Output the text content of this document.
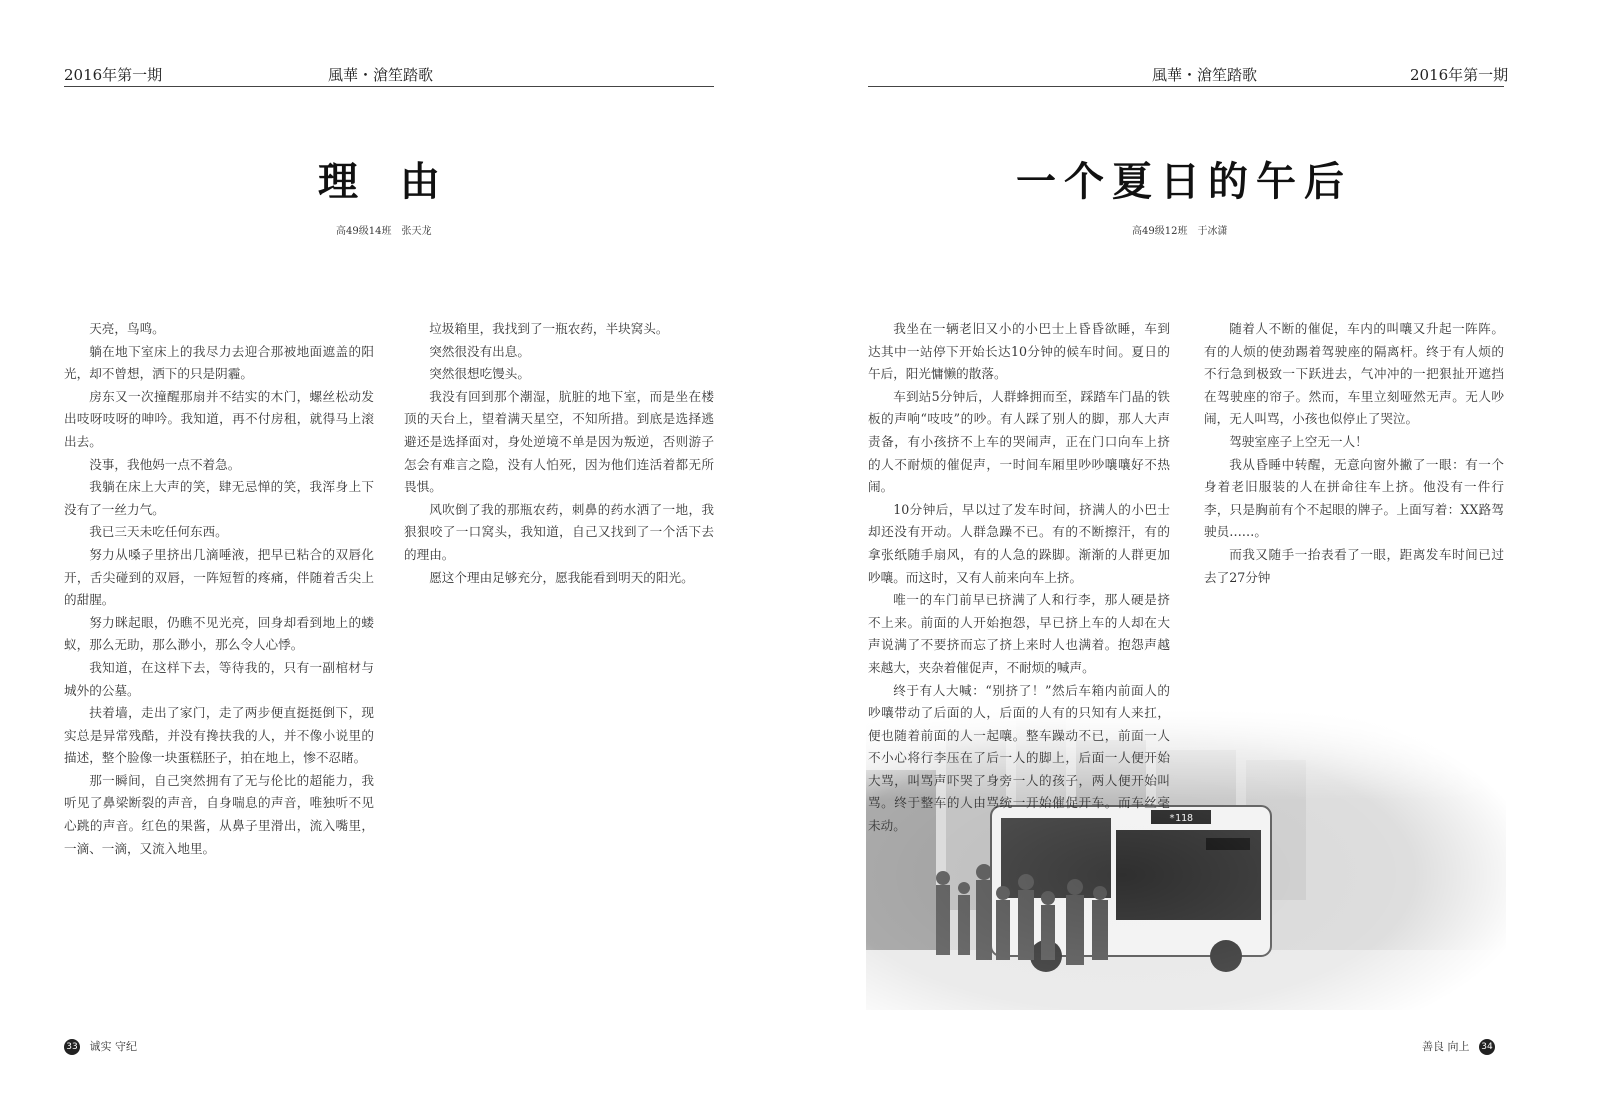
2016年第一期	風華・滄笙踏歌
理 由
高49级14班　张天龙

天亮，鸟鸣。

躺在地下室床上的我尽力去迎合那被地面遮盖的阳光，却不曾想，洒下的只是阴霾。

房东又一次撞醒那扇并不结实的木门，螺丝松动发出吱呀吱呀的呻吟。我知道，再不付房租，就得马上滚出去。

没事，我他妈一点不着急。

我躺在床上大声的笑，肆无忌惮的笑，我浑身上下没有了一丝力气。

我已三天未吃任何东西。

努力从嗓子里挤出几滴唾液，把早已粘合的双唇化开，舌尖碰到的双唇，一阵短暂的疼痛，伴随着舌尖上的甜腥。

努力眯起眼，仍瞧不见光亮，回身却看到地上的蝼蚁，那么无助，那么渺小，那么令人心悸。

我知道，在这样下去，等待我的，只有一副棺材与城外的公墓。

扶着墙，走出了家门，走了两步便直挺挺倒下，现实总是异常残酷，并没有搀扶我的人，并不像小说里的描述，整个脸像一块蛋糕胚子，拍在地上，惨不忍睹。

那一瞬间，自己突然拥有了无与伦比的超能力，我听见了鼻梁断裂的声音，自身喘息的声音，唯独听不见心跳的声音。红色的果酱，从鼻子里滑出，流入嘴里，一滴、一滴，又流入地里。

垃圾箱里，我找到了一瓶农药，半块窝头。

突然很没有出息。

突然很想吃馒头。

我没有回到那个潮湿，肮脏的地下室，而是坐在楼顶的天台上，望着满天星空，不知所措。到底是选择逃避还是选择面对，身处逆境不单是因为叛逆，否则游子怎会有难言之隐，没有人怕死，因为他们连活着都无所畏惧。

风吹倒了我的那瓶农药，刺鼻的药水洒了一地，我狠狠咬了一口窝头，我知道，自己又找到了一个活下去的理由。

愿这个理由足够充分，愿我能看到明天的阳光。

33 诚实 守纪
風華・滄笙踏歌	2016年第一期
一个夏日的午后
高49级12班　于冰潇

我坐在一辆老旧又小的小巴士上昏昏欲睡，车到达其中一站停下开始长达10分钟的候车时间。夏日的午后，阳光慵懒的散落。

车到站5分钟后，人群蜂拥而至，踩踏车门晶的铁板的声响“吱吱”的吵。有人踩了别人的脚，那人大声责备，有小孩挤不上车的哭闹声，正在门口向车上挤的人不耐烦的催促声，一时间车厢里吵吵嚷嚷好不热闹。

10分钟后，早以过了发车时间，挤满人的小巴士却还没有开动。人群急躁不已。有的不断擦汗，有的拿张纸随手扇风，有的人急的跺脚。渐渐的人群更加吵嚷。而这时，又有人前来向车上挤。

唯一的车门前早已挤满了人和行李，那人硬是挤不上来。前面的人开始抱怨，早已挤上车的人却在大声说满了不要挤而忘了挤上来时人也满着。抱怨声越来越大，夹杂着催促声，不耐烦的喊声。

终于有人大喊：“别挤了！”然后车箱内前面人的吵嚷带动了后面的人，后面的人有的只知有人来扛，便也随着前面的人一起嚷。整车躁动不已，前面一人不小心将行李压在了后一人的脚上，后面一人便开始大骂，叫骂声吓哭了身旁一人的孩子，两人便开始叫骂。终于整车的人由骂统一开始催促开车。而车丝毫未动。

随着人不断的催促，车内的叫嚷又升起一阵阵。有的人烦的使劲踢着驾驶座的隔离杆。终于有人烦的不行急到极致一下跃进去，气冲冲的一把狠扯开遮挡在驾驶座的帘子。然而，车里立刻哑然无声。无人吵闹，无人叫骂，小孩也似停止了哭泣。

驾驶室座子上空无一人！

我从昏睡中转醒，无意向窗外撇了一眼：有一个身着老旧服装的人在拼命往车上挤。他没有一件行李，只是胸前有个不起眼的牌子。上面写着：XX路驾驶员……。

而我又随手一抬表看了一眼，距离发车时间已过去了27分钟

善良 向上 34
